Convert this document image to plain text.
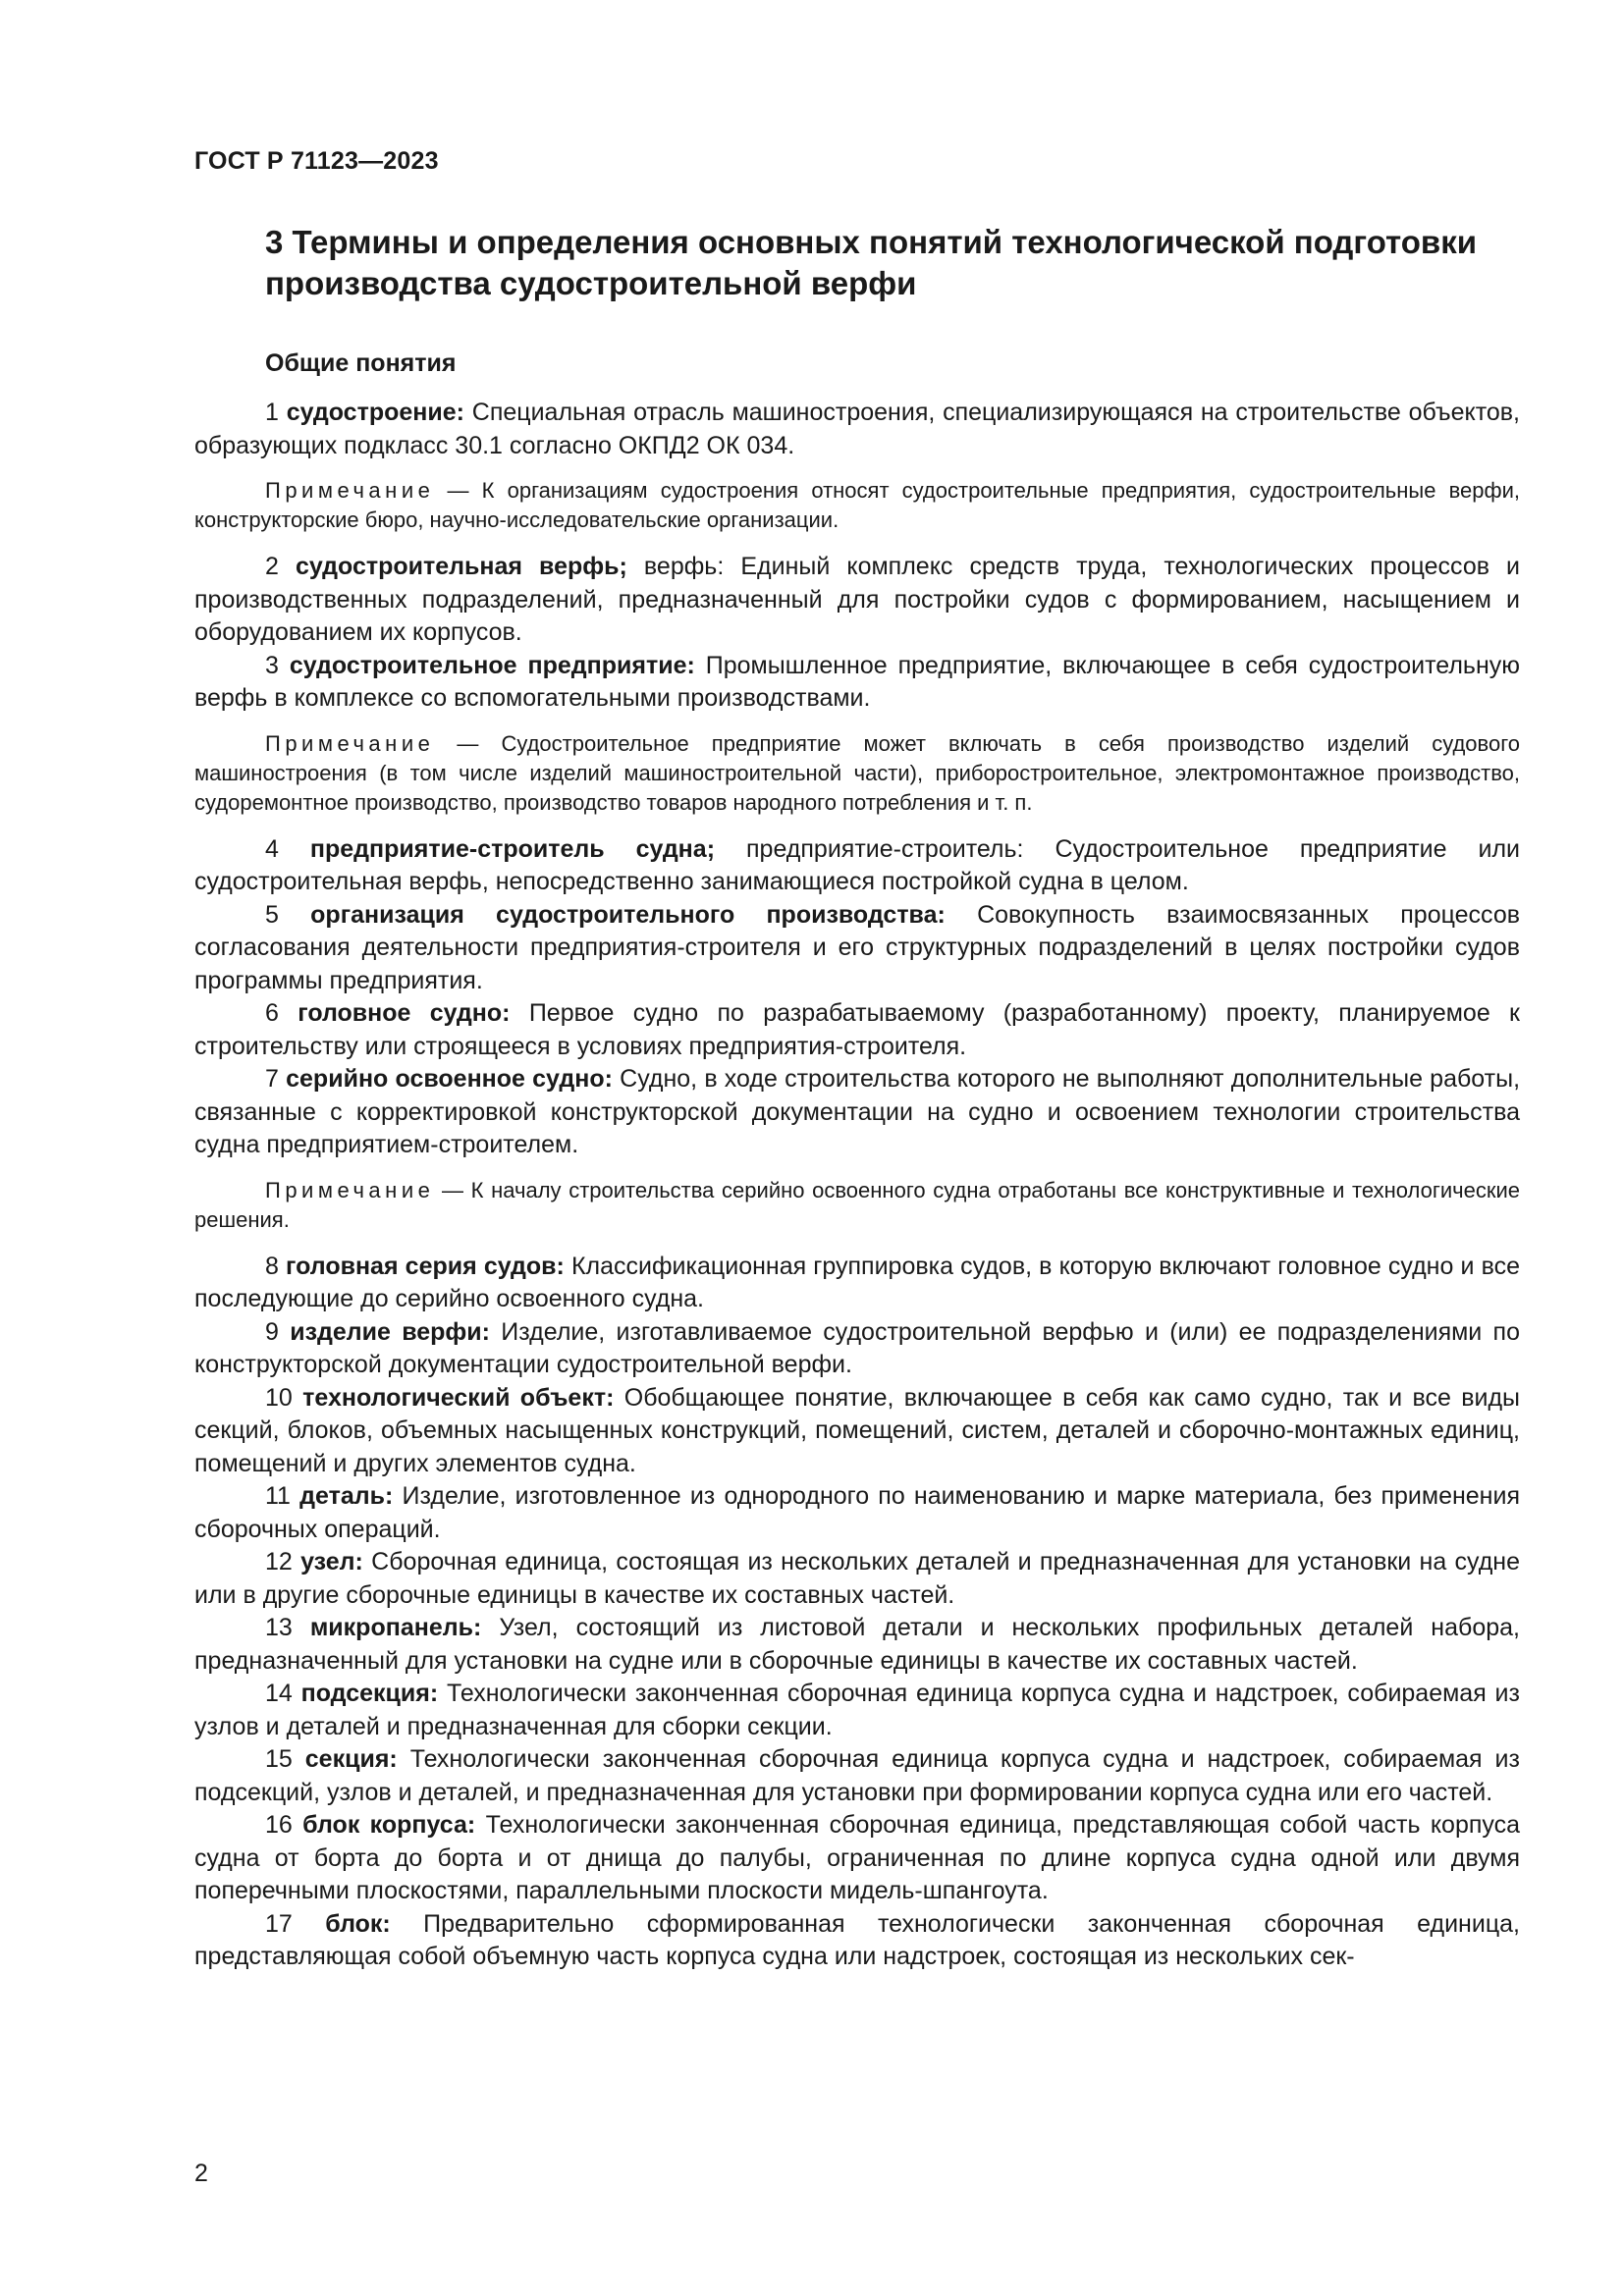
ГОСТ Р 71123—2023
3 Термины и определения основных понятий технологической подготовки производства судостроительной верфи
Общие понятия

1 судостроение: Специальная отрасль машиностроения, специализирующаяся на строительстве объектов, образующих подкласс 30.1 согласно ОКПД2 ОК 034.

Примечание — К организациям судостроения относят судостроительные предприятия, судостроительные верфи, конструкторские бюро, научно-исследовательские организации.

2 судостроительная верфь; верфь: Единый комплекс средств труда, технологических процессов и производственных подразделений, предназначенный для постройки судов с формированием, насыщением и оборудованием их корпусов.

3 судостроительное предприятие: Промышленное предприятие, включающее в себя судостроительную верфь в комплексе со вспомогательными производствами.

Примечание — Судостроительное предприятие может включать в себя производство изделий судового машиностроения (в том числе изделий машиностроительной части), приборостроительное, электромонтажное производство, судоремонтное производство, производство товаров народного потребления и т. п.

4 предприятие-строитель судна; предприятие-строитель: Судостроительное предприятие или судостроительная верфь, непосредственно занимающиеся постройкой судна в целом.

5 организация судостроительного производства: Совокупность взаимосвязанных процессов согласования деятельности предприятия-строителя и его структурных подразделений в целях постройки судов программы предприятия.

6 головное судно: Первое судно по разрабатываемому (разработанному) проекту, планируемое к строительству или строящееся в условиях предприятия-строителя.

7 серийно освоенное судно: Судно, в ходе строительства которого не выполняют дополнительные работы, связанные с корректировкой конструкторской документации на судно и освоением технологии строительства судна предприятием-строителем.

Примечание — К началу строительства серийно освоенного судна отработаны все конструктивные и технологические решения.

8 головная серия судов: Классификационная группировка судов, в которую включают головное судно и все последующие до серийно освоенного судна.

9 изделие верфи: Изделие, изготавливаемое судостроительной верфью и (или) ее подразделениями по конструкторской документации судостроительной верфи.

10 технологический объект: Обобщающее понятие, включающее в себя как само судно, так и все виды секций, блоков, объемных насыщенных конструкций, помещений, систем, деталей и сборочно-монтажных единиц, помещений и других элементов судна.

11 деталь: Изделие, изготовленное из однородного по наименованию и марке материала, без применения сборочных операций.

12 узел: Сборочная единица, состоящая из нескольких деталей и предназначенная для установки на судне или в другие сборочные единицы в качестве их составных частей.

13 микропанель: Узел, состоящий из листовой детали и нескольких профильных деталей набора, предназначенный для установки на судне или в сборочные единицы в качестве их составных частей.

14 подсекция: Технологически законченная сборочная единица корпуса судна и надстроек, собираемая из узлов и деталей и предназначенная для сборки секции.

15 секция: Технологически законченная сборочная единица корпуса судна и надстроек, собираемая из подсекций, узлов и деталей, и предназначенная для установки при формировании корпуса судна или его частей.

16 блок корпуса: Технологически законченная сборочная единица, представляющая собой часть корпуса судна от борта до борта и от днища до палубы, ограниченная по длине корпуса судна одной или двумя поперечными плоскостями, параллельными плоскости мидель-шпангоута.

17 блок: Предварительно сформированная технологически законченная сборочная единица, представляющая собой объемную часть корпуса судна или надстроек, состоящая из нескольких сек-

2
